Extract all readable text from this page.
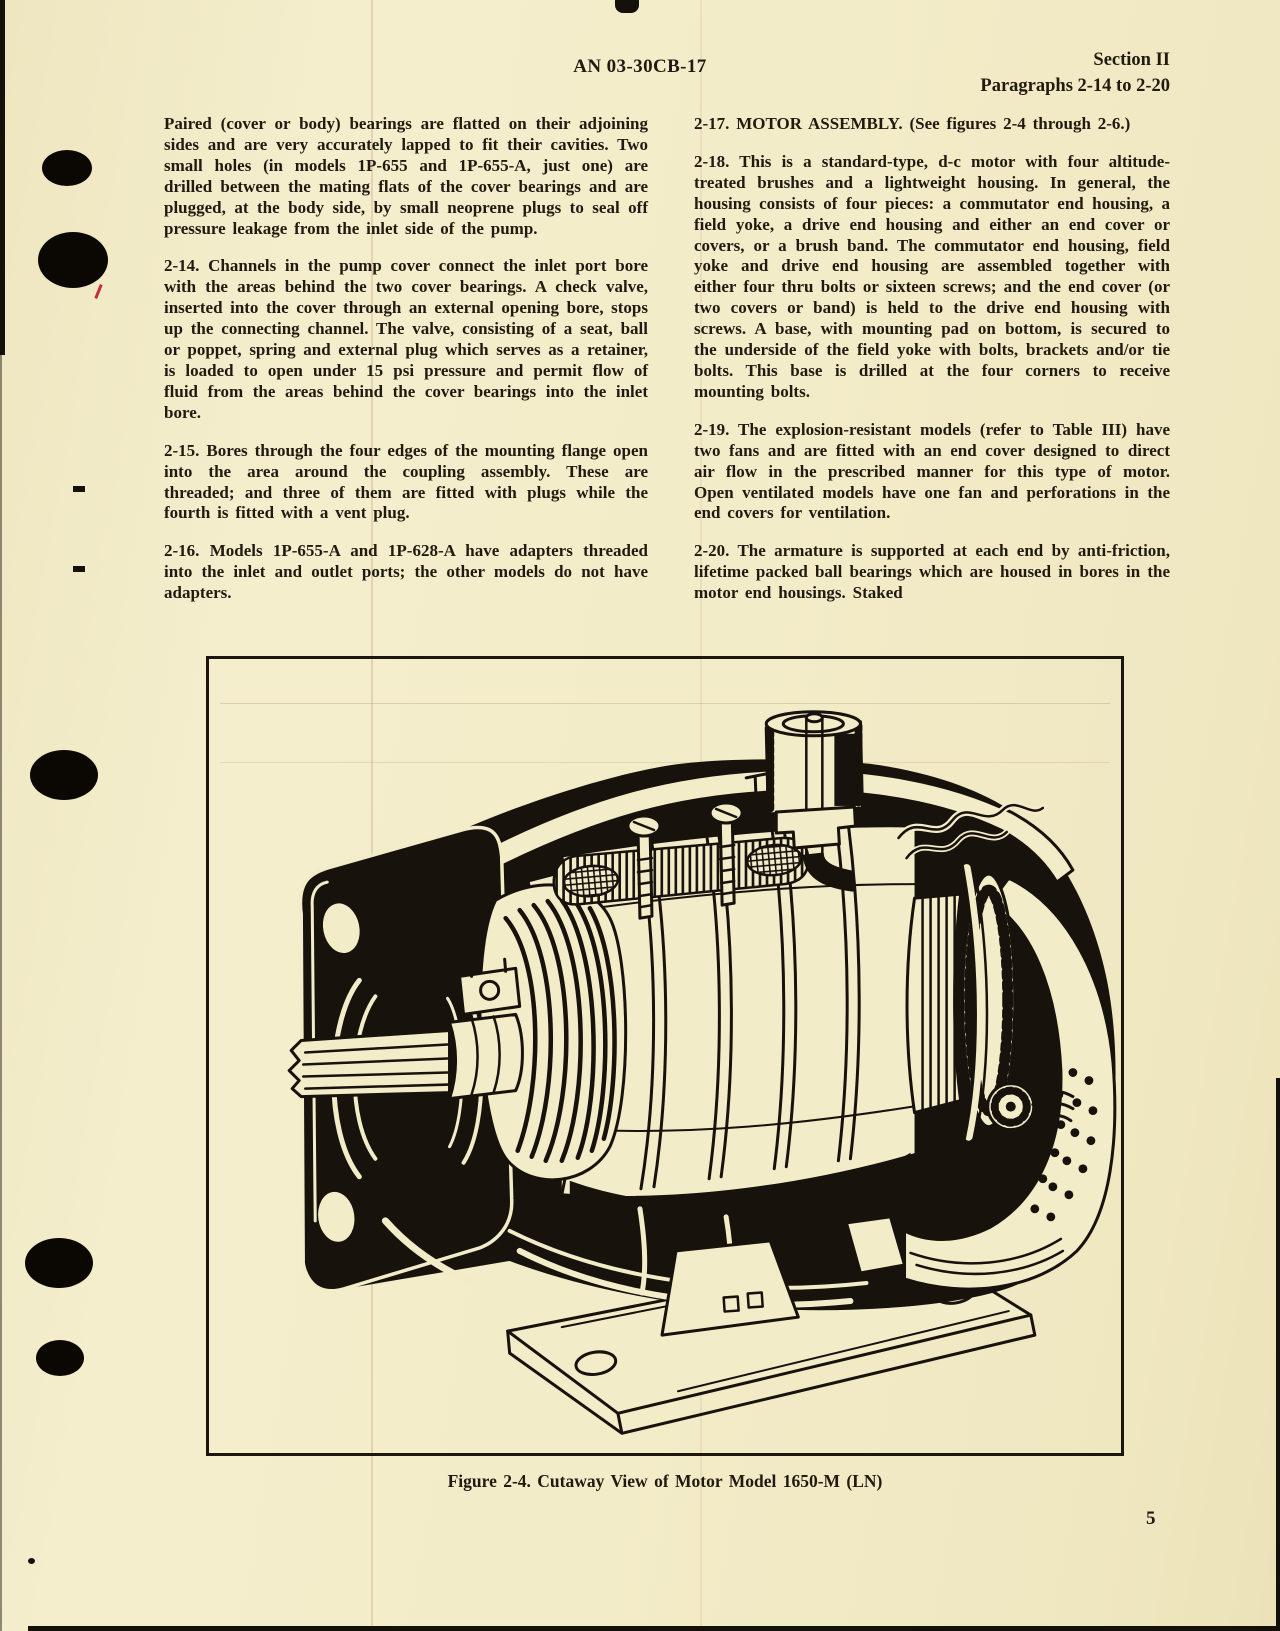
AN 03-30CB-17	Section II
Paragraphs 2-14 to 2-20

Paired (cover or body) bearings are flatted on their adjoining sides and are very accurately lapped to fit their cavities. Two small holes (in models 1P-655 and 1P-655-A, just one) are drilled between the mating flats of the cover bearings and are plugged, at the body side, by small neoprene plugs to seal off pressure leakage from the inlet side of the pump.

2-14. Channels in the pump cover connect the inlet port bore with the areas behind the two cover bearings. A check valve, inserted into the cover through an external opening bore, stops up the connecting channel. The valve, consisting of a seat, ball or poppet, spring and external plug which serves as a retainer, is loaded to open under 15 psi pressure and permit flow of fluid from the areas behind the cover bearings into the inlet bore.

2-15. Bores through the four edges of the mounting flange open into the area around the coupling assembly. These are threaded; and three of them are fitted with plugs while the fourth is fitted with a vent plug.

2-16. Models 1P-655-A and 1P-628-A have adapters threaded into the inlet and outlet ports; the other models do not have adapters.

2-17. MOTOR ASSEMBLY. (See figures 2-4 through 2-6.)

2-18. This is a standard-type, d-c motor with four altitude-treated brushes and a lightweight housing. In general, the housing consists of four pieces: a commutator end housing, a field yoke, a drive end housing and either an end cover or covers, or a brush band. The commutator end housing, field yoke and drive end housing are assembled together with either four thru bolts or sixteen screws; and the end cover (or two covers or band) is held to the drive end housing with screws. A base, with mounting pad on bottom, is secured to the underside of the field yoke with bolts, brackets and/or tie bolts. This base is drilled at the four corners to receive mounting bolts.

2-19. The explosion-resistant models (refer to Table III) have two fans and are fitted with an end cover designed to direct air flow in the prescribed manner for this type of motor. Open ventilated models have one fan and perforations in the end covers for ventilation.

2-20. The armature is supported at each end by anti-friction, lifetime packed ball bearings which are housed in bores in the motor end housings. Staked

Figure 2-4. Cutaway View of Motor Model 1650-M (LN)
5
